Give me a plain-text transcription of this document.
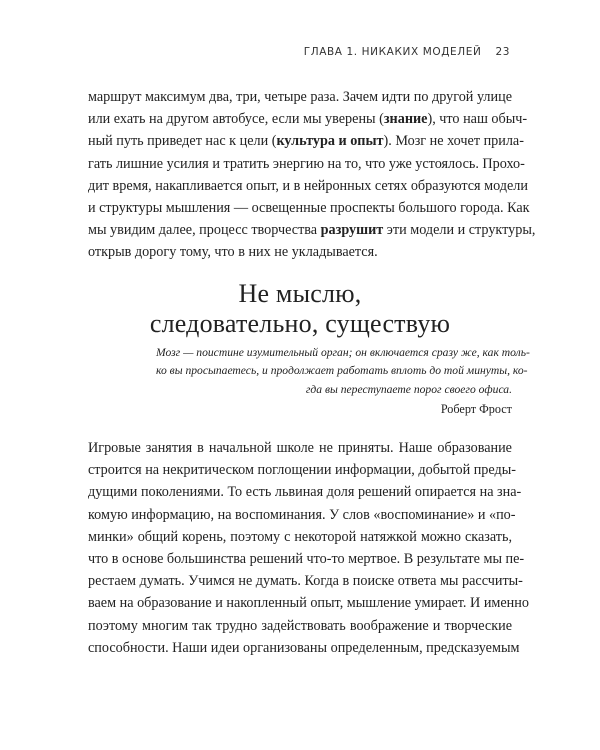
ГЛАВА 1. НИКАКИХ МОДЕЛЕЙ 23

маршрут максимум два, три, четыре раза. Зачем идти по другой улице
или ехать на другом автобусе, если мы уверены (знание), что наш обыч-
ный путь приведет нас к цели (культура и опыт). Мозг не хочет прила-
гать лишние усилия и тратить энергию на то, что уже устоялось. Прохо-
дит время, накапливается опыт, и в нейронных сетях образуются модели
и структуры мышления — освещенные проспекты большого города. Как
мы увидим далее, процесс творчества разрушит эти модели и структуры,
открыв дорогу тому, что в них не укладывается.

Не мыслю,
следовательно, существую
Мозг — поистине изумительный орган; он включается сразу же, как толь-
ко вы просыпаетесь, и продолжает работать вплоть до той минуты, ко-
гда вы переступаете порог своего офиса.
Роберт Фрост

Игровые занятия в начальной школе не приняты. Наше образование
строится на некритическом поглощении информации, добытой преды-
дущими поколениями. То есть львиная доля решений опирается на зна-
комую информацию, на воспоминания. У слов «воспоминание» и «по-
минки» общий корень, поэтому с некоторой натяжкой можно сказать,
что в основе большинства решений что-то мертвое. В результате мы пе-
рестаем думать. Учимся не думать. Когда в поиске ответа мы рассчиты-
ваем на образование и накопленный опыт, мышление умирает. И именно
поэтому многим так трудно задействовать воображение и творческие
способности. Наши идеи организованы определенным, предсказуемым
